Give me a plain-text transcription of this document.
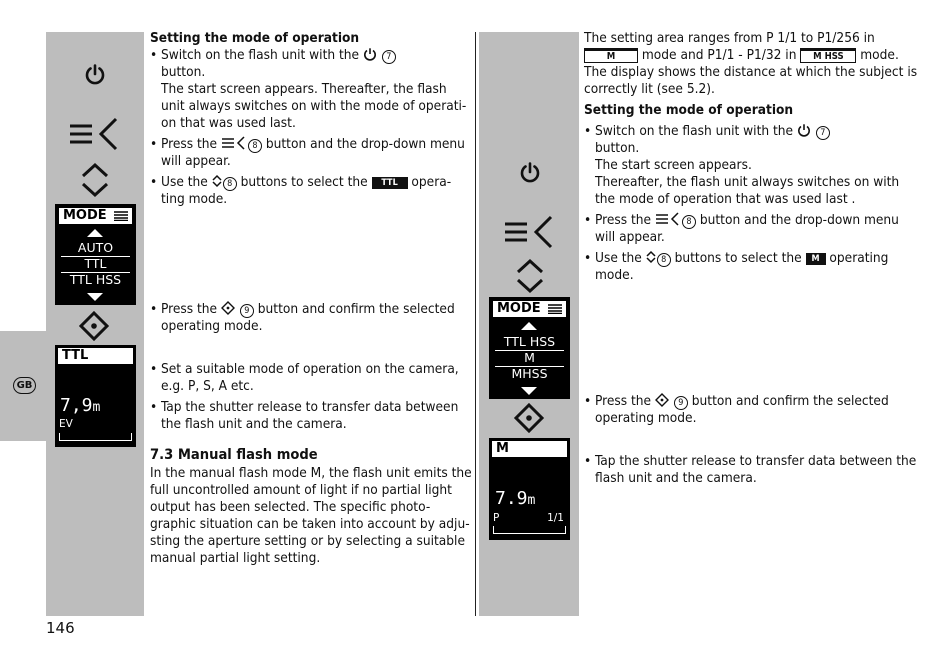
GB
MODE
AUTO
TTL
TTL HSS
TTL
7,9m
EV

Setting the mode of operation

• Switch on the flash unit with the	7
button.
The start screen appears. Thereafter, the flash unit always switches on with the mode of operati-on that was used last.
• Press the	8 button and the drop-down menu will appear.
• Use the 8 buttons to select the TTL opera-ting mode.
• Press the	9 button and confirm the selected operating mode.
• Set a suitable mode of operation on the camera, e.g. P, S, A etc.
• Tap the shutter release to transfer data between the flash unit and the camera.

7.3 Manual flash mode

In the manual flash mode M, the flash unit emits the full uncontrolled amount of light if no partial light output has been selected. The specific photo-graphic situation can be taken into account by adju-sting the aperture setting or by selecting a suitable manual partial light setting.

MODE
TTL HSS
M
MHSS
M
7.9m
P	1/1

The setting area ranges from P 1/1 to P1/256 in
M mode and P1/1 - P1/32 in M HSS mode.
The display shows the distance at which the subject is correctly lit (see 5.2).

Setting the mode of operation

• Switch on the flash unit with the	7
button.
The start screen appears.
Thereafter, the flash unit always switches on with the mode of operation that was used last .
• Press the	8 button and the drop-down menu will appear.
• Use the 8 buttons to select the M operating mode.
• Press the	9 button and confirm the selected operating mode.
• Tap the shutter release to transfer data between the flash unit and the camera.
146
